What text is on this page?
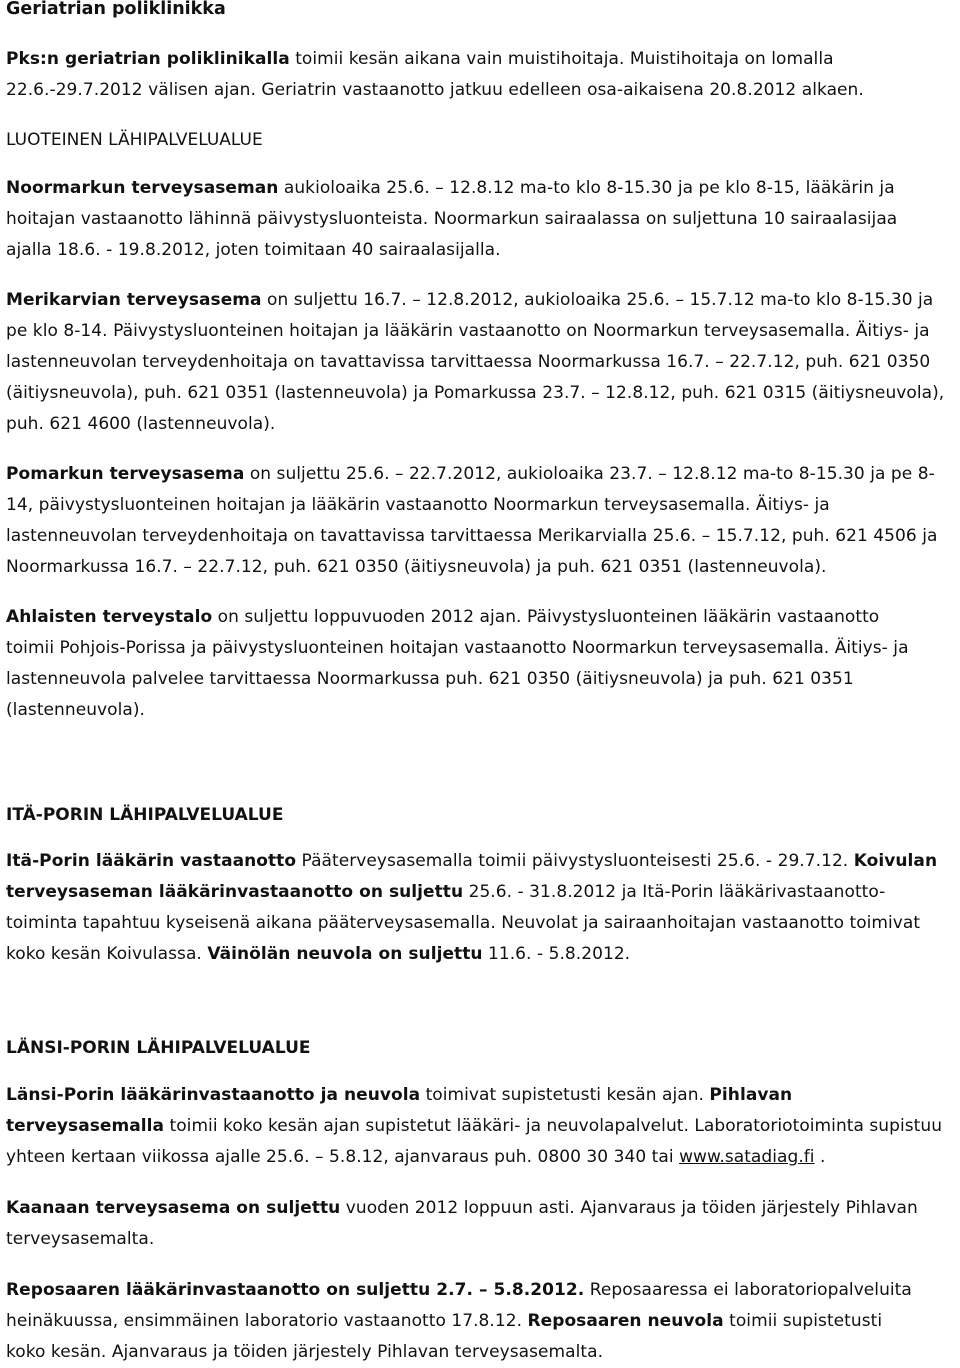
Geriatrian poliklinikka

Pks:n geriatrian poliklinikalla toimii kesän aikana vain muistihoitaja. Muistihoitaja on lomalla 22.6.-29.7.2012 välisen ajan. Geriatrin vastaanotto jatkuu edelleen osa-aikaisena 20.8.2012 alkaen.

LUOTEINEN LÄHIPALVELUALUE

Noormarkun terveysaseman aukioloaika 25.6. – 12.8.12 ma-to klo 8-15.30 ja pe klo 8-15, lääkärin ja hoitajan vastaanotto lähinnä päivystysluonteista. Noormarkun sairaalassa on suljettuna 10 sairaalasijaa ajalla 18.6. - 19.8.2012, joten toimitaan 40 sairaalasijalla.

Merikarvian terveysasema on suljettu 16.7. – 12.8.2012, aukioloaika 25.6. – 15.7.12 ma-to klo 8-15.30 ja pe klo 8-14. Päivystysluonteinen hoitajan ja lääkärin vastaanotto on Noormarkun terveysasemalla. Äitiys- ja lastenneuvolan terveydenhoitaja on tavattavissa tarvittaessa Noormarkussa 16.7. – 22.7.12, puh. 621 0350 (äitiysneuvola), puh. 621 0351 (lastenneuvola) ja Pomarkussa 23.7. – 12.8.12, puh. 621 0315 (äitiysneuvola), puh. 621 4600 (lastenneuvola).

Pomarkun terveysasema on suljettu 25.6. – 22.7.2012, aukioloaika 23.7. – 12.8.12 ma-to 8-15.30 ja pe 8-14, päivystysluonteinen hoitajan ja lääkärin vastaanotto Noormarkun terveysasemalla. Äitiys- ja lastenneuvolan terveydenhoitaja on tavattavissa tarvittaessa Merikarvialla 25.6. – 15.7.12, puh. 621 4506 ja Noormarkussa 16.7. – 22.7.12, puh. 621 0350 (äitiysneuvola) ja puh. 621 0351 (lastenneuvola).

Ahlaisten terveystalo on suljettu loppuvuoden 2012 ajan. Päivystysluonteinen lääkärin vastaanotto toimii Pohjois-Porissa ja päivystysluonteinen hoitajan vastaanotto Noormarkun terveysasemalla. Äitiys- ja lastenneuvola palvelee tarvittaessa Noormarkussa puh. 621 0350 (äitiysneuvola) ja puh. 621 0351 (lastenneuvola).

ITÄ-PORIN LÄHIPALVELUALUE

Itä-Porin lääkärin vastaanotto Pääterveysasemalla toimii päivystysluonteisesti 25.6. - 29.7.12. Koivulan terveysaseman lääkärinvastaanotto on suljettu 25.6. - 31.8.2012 ja Itä-Porin lääkärivastaanotto-toiminta tapahtuu kyseisenä aikana pääterveysasemalla. Neuvolat ja sairaanhoitajan vastaanotto toimivat koko kesän Koivulassa. Väinölän neuvola on suljettu 11.6. - 5.8.2012.

LÄNSI-PORIN LÄHIPALVELUALUE

Länsi-Porin lääkärinvastaanotto ja neuvola toimivat supistetusti kesän ajan. Pihlavan terveysasemalla toimii koko kesän ajan supistetut lääkäri- ja neuvolapalvelut. Laboratoriotoiminta supistuu yhteen kertaan viikossa ajalle 25.6. – 5.8.12, ajanvaraus puh. 0800 30 340 tai www.satadiag.fi .

Kaanaan terveysasema on suljettu vuoden 2012 loppuun asti. Ajanvaraus ja töiden järjestely Pihlavan terveysasemalta.

Reposaaren lääkärinvastaanotto on suljettu 2.7. – 5.8.2012. Reposaaressa ei laboratoriopalveluita heinäkuussa, ensimmäinen laboratorio vastaanotto 17.8.12. Reposaaren neuvola toimii supistetusti koko kesän. Ajanvaraus ja töiden järjestely Pihlavan terveysasemalta.
